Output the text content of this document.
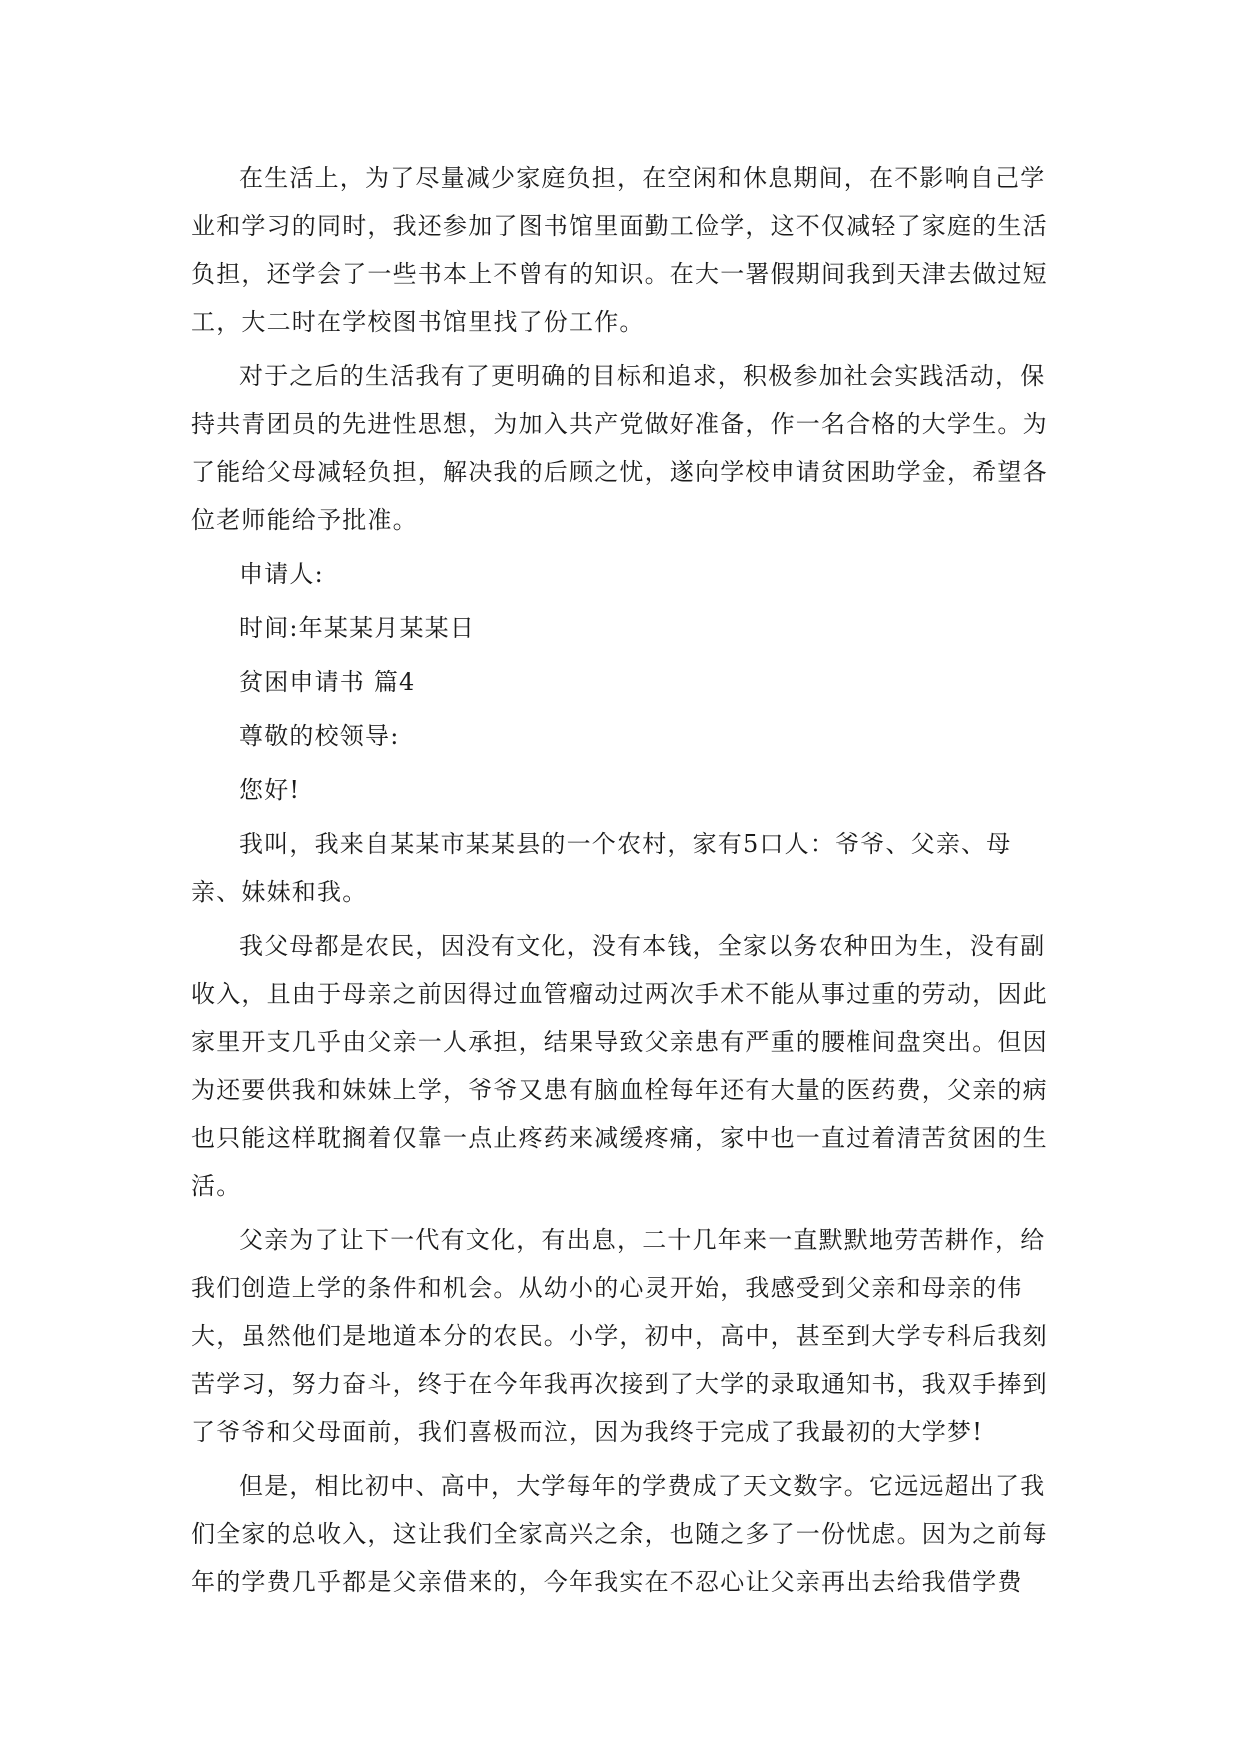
在生活上，为了尽量减少家庭负担，在空闲和休息期间，在不影响自己学
业和学习的同时，我还参加了图书馆里面勤工俭学，这不仅减轻了家庭的生活
负担，还学会了一些书本上不曾有的知识。在大一署假期间我到天津去做过短
工，大二时在学校图书馆里找了份工作。
对于之后的生活我有了更明确的目标和追求，积极参加社会实践活动，保
持共青团员的先进性思想，为加入共产党做好准备，作一名合格的大学生。为
了能给父母减轻负担，解决我的后顾之忧，遂向学校申请贫困助学金，希望各
位老师能给予批准。
申请人:
时间:年某某月某某日
贫困申请书 篇4
尊敬的校领导:
您好!
我叫，我来自某某市某某县的一个农村，家有5口人：爷爷、父亲、母
亲、妹妹和我。
我父母都是农民，因没有文化，没有本钱，全家以务农种田为生，没有副
收入，且由于母亲之前因得过血管瘤动过两次手术不能从事过重的劳动，因此
家里开支几乎由父亲一人承担，结果导致父亲患有严重的腰椎间盘突出。但因
为还要供我和妹妹上学，爷爷又患有脑血栓每年还有大量的医药费，父亲的病
也只能这样耽搁着仅靠一点止疼药来减缓疼痛，家中也一直过着清苦贫困的生
活。
父亲为了让下一代有文化，有出息，二十几年来一直默默地劳苦耕作，给
我们创造上学的条件和机会。从幼小的心灵开始，我感受到父亲和母亲的伟
大，虽然他们是地道本分的农民。小学，初中，高中，甚至到大学专科后我刻
苦学习，努力奋斗，终于在今年我再次接到了大学的录取通知书，我双手捧到
了爷爷和父母面前，我们喜极而泣，因为我终于完成了我最初的大学梦!
但是，相比初中、高中，大学每年的学费成了天文数字。它远远超出了我
们全家的总收入，这让我们全家高兴之余，也随之多了一份忧虑。因为之前每
年的学费几乎都是父亲借来的，今年我实在不忍心让父亲再出去给我借学费
